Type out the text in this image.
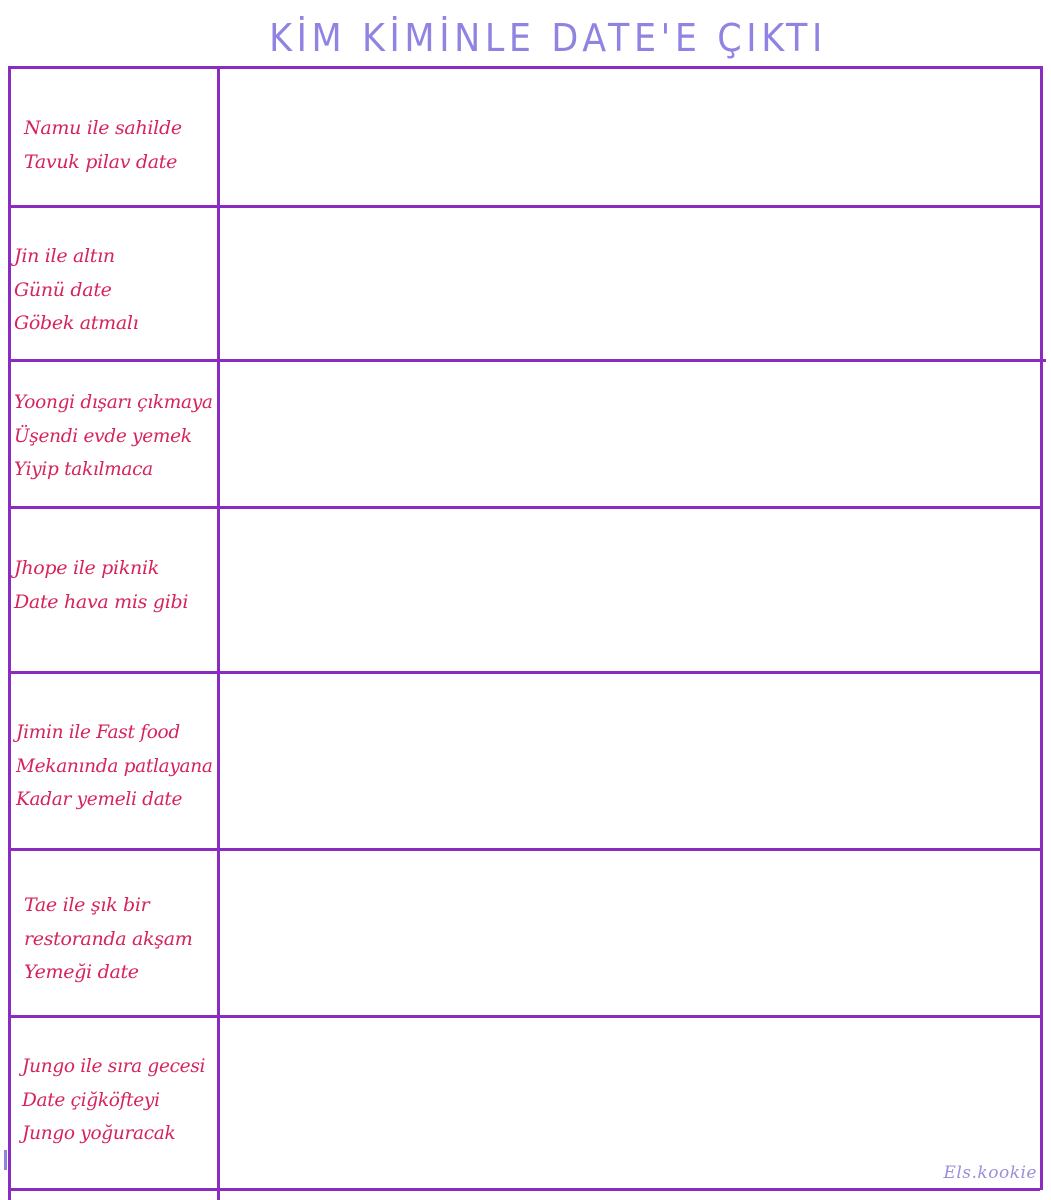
KİM KİMİNLE DATE'E ÇIKTI
Namu ile sahilde
Tavuk pilav date
Jin ile altın
Günü date
Göbek atmalı
Yoongi dışarı çıkmaya
Üşendi evde yemek
Yiyip takılmaca
Jhope ile piknik
Date hava mis gibi
Jimin ile Fast food
Mekanında patlayana
Kadar yemeli date
Tae ile şık bir
restoranda akşam
Yemeği date
Jungo ile sıra gecesi
Date çiğköfteyi
Jungo yoğuracak
Els.kookie
